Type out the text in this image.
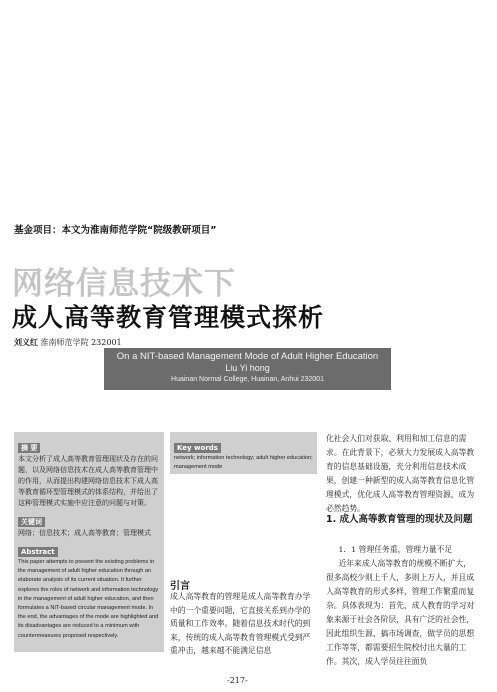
基金项目：本文为淮南师范学院“院级教研项目”
网络信息技术下
成人高等教育管理模式探析
刘义红 淮南师范学院 232001
On a NIT-based Management Mode of Adult Higher Education
Liu Yi hong
Huainan Normal College, Huainan, Anhui 232001
摘 要
本文分析了成人高等教育管理现状及存在的问题，以及网络信息技术在成人高等教育管理中的作用，从而提出构建网络信息技术下成人高等教育循环型管理模式的体系结构，并给出了这种管理模式实施中应注意的问题与对策。
关键词
网络；信息技术；成人高等教育；管理模式
Abstract
This paper attempts to present the existing problems in the management of adult higher education through an elaborate analysis of its current situation. It further explores the roles of network and information technology in the management of adult higher education, and then formulates a NIT-based circular management mode. In the end, the advantages of the mode are highlighted and its disadvantages are reduced to a minimum with countermeasures proposed respectively.
Key words
network; information technology; adult higher education; management mode
引言
成人高等教育的管理是成人高等教育办学中的一个重要问题，它直接关系到办学的质量和工作效率。随着信息技术时代的到来，传统的成人高等教育管理模式受到严重冲击，越来越不能满足信息
化社会人们对获取、利用和加工信息的需求。在此背景下，必须大力发展成人高等教育的信息基础设施，充分利用信息技术成果，创建一种新型的成人高等教育信息化管理模式，优化成人高等教育管理资源，成为必然趋势。
1. 成人高等教育管理的现状及问题

1．1 管理任务重，管理力量不足

近年来成人高等教育的规模不断扩大，很多高校少则上千人，多则上万人，并且成人高等教育的形式多样，管理工作繁重而复杂。具体表现为：首先，成人教育的学习对象来源于社会各阶层，具有广泛的社会性，因此组织生源、搞市场调查，做学员的思想工作等等，都需要招生院校付出大量的工作。其次，成人学员往往面负

-217-
